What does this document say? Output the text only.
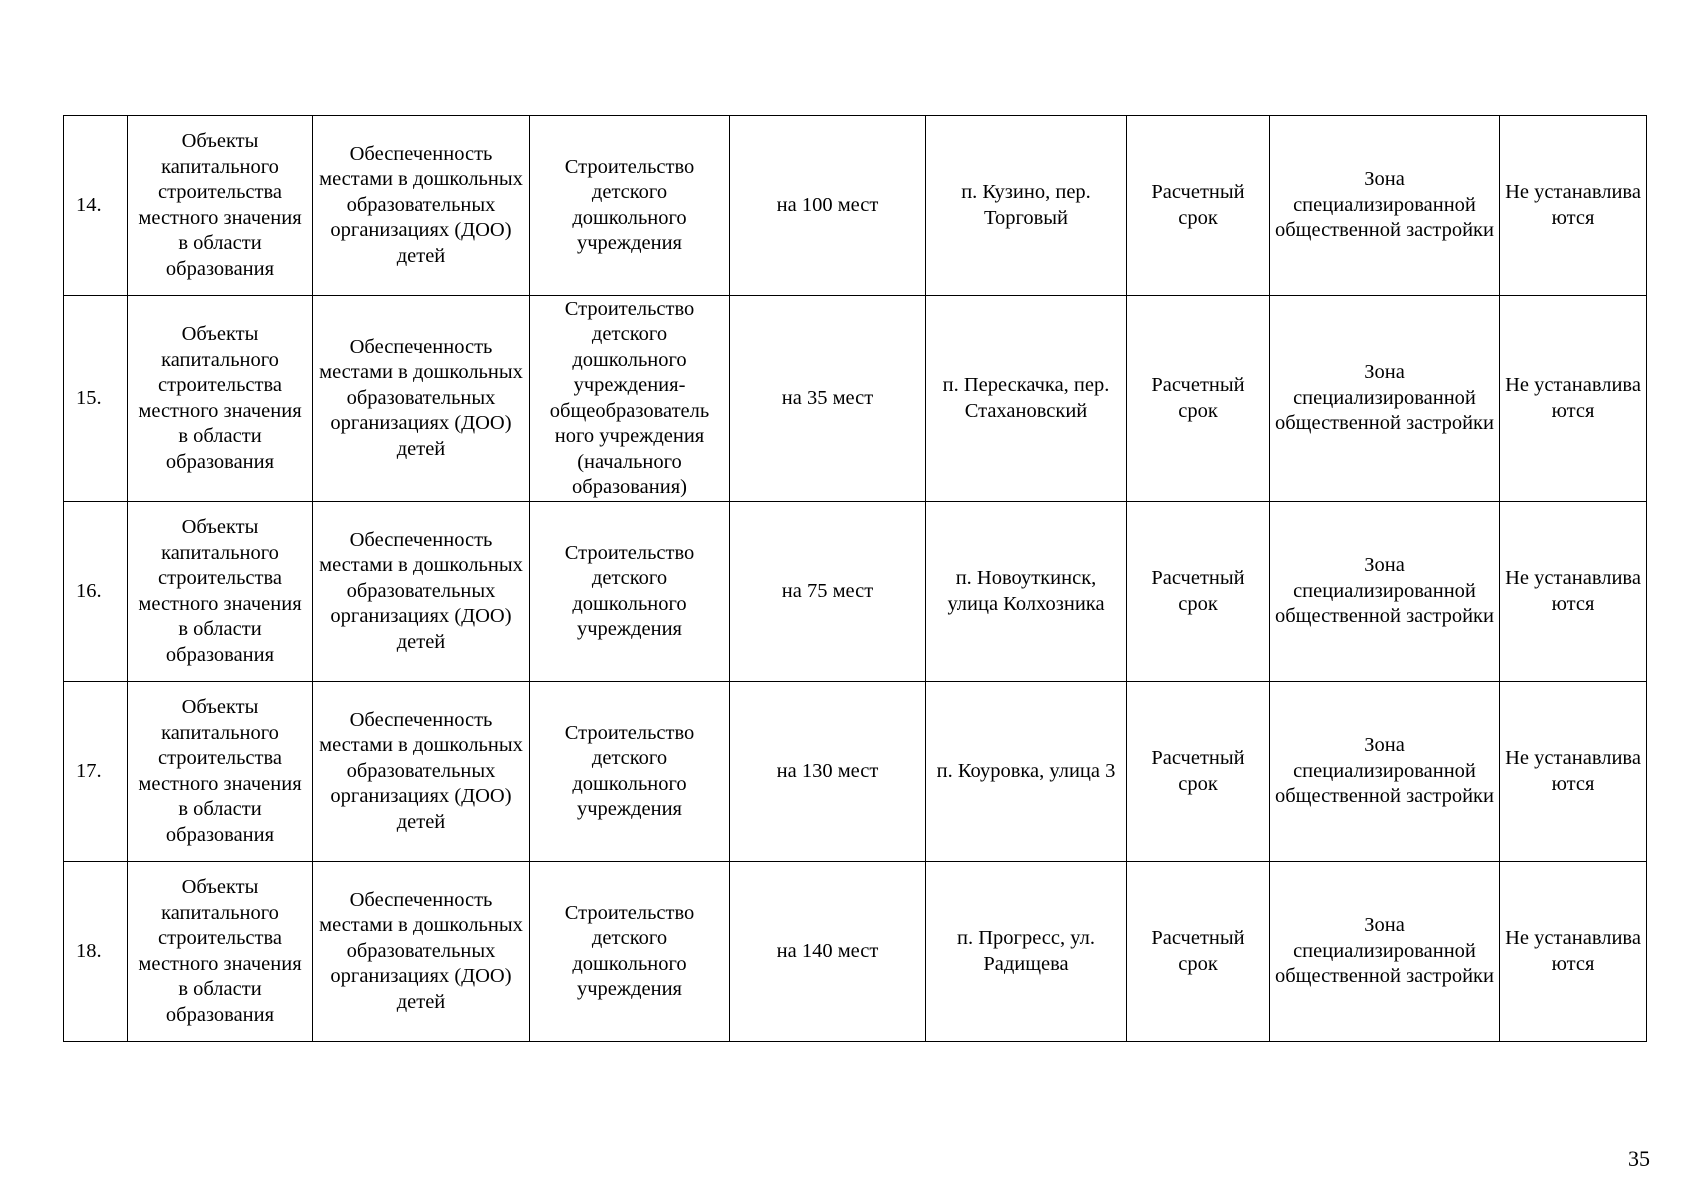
14.	Объекты капитального строительства местного значения в области образования	Обеспеченность местами в дошкольных образовательных организациях (ДОО) детей	Строительство детского дошкольного учреждения	на 100 мест	п. Кузино, пер. Торговый	Расчетный срок	Зона специализированной общественной застройки	Не устанавлива ются
15.	Объекты капитального строительства местного значения в области образования	Обеспеченность местами в дошкольных образовательных организациях (ДОО) детей	Строительство детского дошкольного учреждения-общеобразователь ного учреждения (начального образования)	на 35 мест	п. Перескачка, пер. Стахановский	Расчетный срок	Зона специализированной общественной застройки	Не устанавлива ются
16.	Объекты капитального строительства местного значения в области образования	Обеспеченность местами в дошкольных образовательных организациях (ДОО) детей	Строительство детского дошкольного учреждения	на 75 мест	п. Новоуткинск, улица Колхозника	Расчетный срок	Зона специализированной общественной застройки	Не устанавлива ются
17.	Объекты капитального строительства местного значения в области образования	Обеспеченность местами в дошкольных образовательных организациях (ДОО) детей	Строительство детского дошкольного учреждения	на 130 мест	п. Коуровка, улица 3	Расчетный срок	Зона специализированной общественной застройки	Не устанавлива ются
18.	Объекты капитального строительства местного значения в области образования	Обеспеченность местами в дошкольных образовательных организациях (ДОО) детей	Строительство детского дошкольного учреждения	на 140 мест	п. Прогресс, ул. Радищева	Расчетный срок	Зона специализированной общественной застройки	Не устанавлива ются
35
